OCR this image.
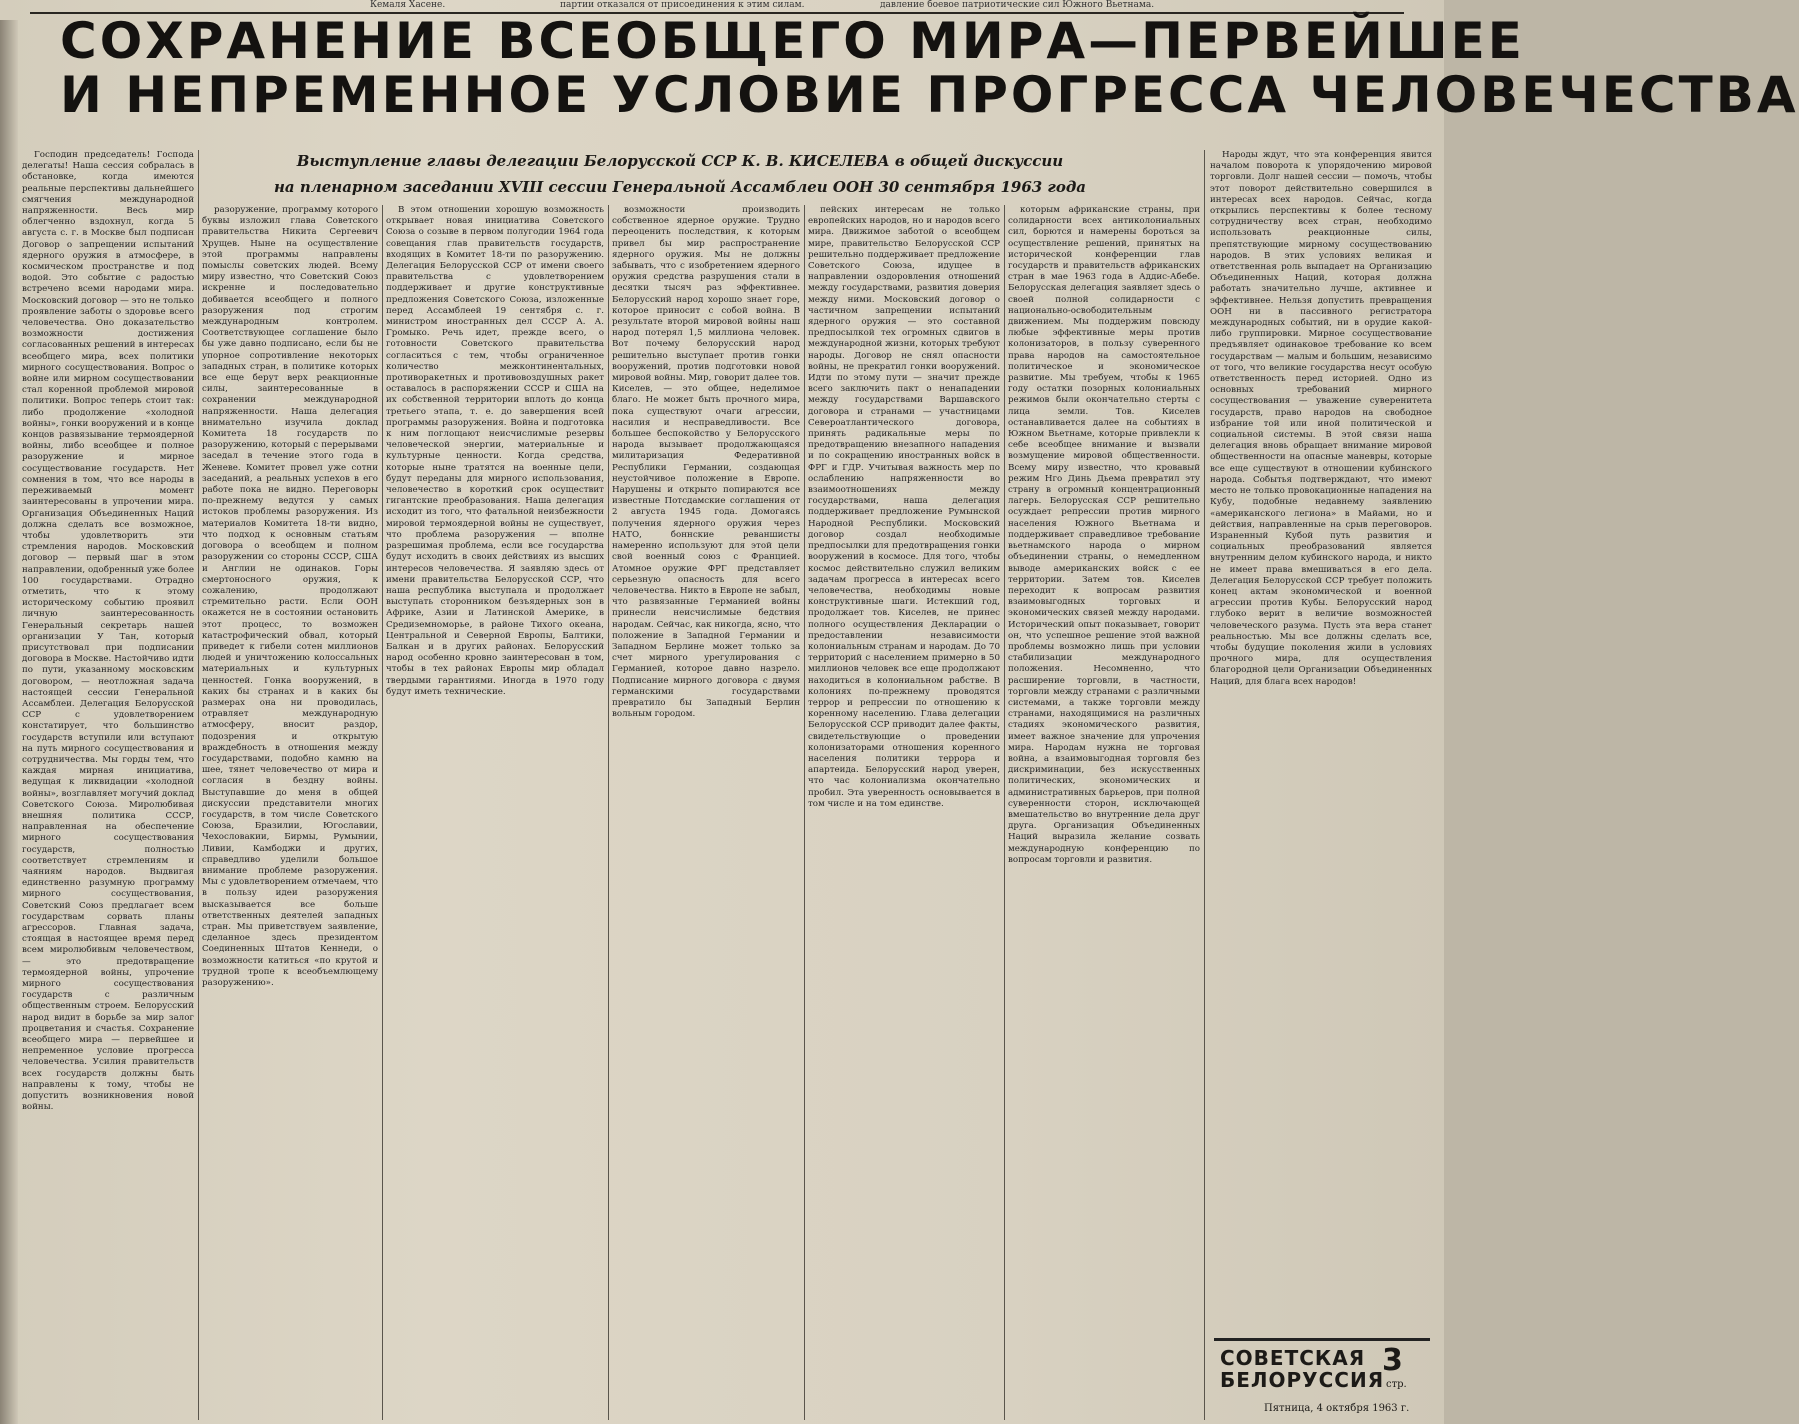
Кемаля Хасене.	партии отказался от присоединения к этим силам.	давление боевое патриотические сил Южного Вьетнама.
СОХРАНЕНИЕ ВСЕОБЩЕГО МИРА—ПЕРВЕЙШЕЕ
И НЕПРЕМЕННОЕ УСЛОВИЕ ПРОГРЕССА ЧЕЛОВЕЧЕСТВА
Выступление главы делегации Белорусской ССР К. В. КИСЕЛЕВА в общей дискуссии
на пленарном заседании XVIII сессии Генеральной Ассамблеи ООН 30 сентября 1963 года

Господин председатель! Господа делегаты! Наша сессия собралась в обстановке, когда имеются реальные перспективы дальнейшего смягчения международной напряженности. Весь мир облегченно вздохнул, когда 5 августа с. г. в Москве был подписан Договор о запрещении испытаний ядерного оружия в атмосфере, в космическом пространстве и под водой. Это событие с радостью встречено всеми народами мира. Московский договор — это не только проявление заботы о здоровье всего человечества. Оно доказательство возможности достижения согласованных решений в интересах всеобщего мира, всех политики мирного сосуществования. Вопрос о войне или мирном сосуществовании стал коренной проблемой мировой политики. Вопрос теперь стоит так: либо продолжение «холодной войны», гонки вооружений и в конце концов развязывание термоядерной войны, либо всеобщее и полное разоружение и мирное сосуществование государств. Нет сомнения в том, что все народы в переживаемый момент заинтересованы в упрочении мира. Организация Объединенных Наций должна сделать все возможное, чтобы удовлетворить эти стремления народов. Московский договор — первый шаг в этом направлении, одобренный уже более 100 государствами. Отрадно отметить, что к этому историческому событию проявил личную заинтересованность Генеральный секретарь нашей организации У Тан, который присутствовал при подписании договора в Москве. Настойчиво идти по пути, указанному московским договором, — неотложная задача настоящей сессии Генеральной Ассамблеи. Делегация Белорусской ССР с удовлетворением констатирует, что большинство государств вступили или вступают на путь мирного сосуществования и сотрудничества. Мы горды тем, что каждая мирная инициатива, ведущая к ликвидации «холодной войны», возглавляет могучий доклад Советского Союза. Миролюбивая внешняя политика СССР, направленная на обеспечение мирного сосуществования государств, полностью соответствует стремлениям и чаяниям народов. Выдвигая единственно разумную программу мирного сосуществования, Советский Союз предлагает всем государствам сорвать планы агрессоров. Главная задача, стоящая в настоящее время перед всем миролюбивым человечеством, — это предотвращение термоядерной войны, упрочение мирного сосуществования государств с различным общественным строем. Белорусский народ видит в борьбе за мир залог процветания и счастья. Сохранение всеобщего мира — первейшее и непременное условие прогресса человечества. Усилия правительств всех государств должны быть направлены к тому, чтобы не допустить возникновения новой войны.

разоружение, программу которого буквы изложил глава Советского правительства Никита Сергеевич Хрущев. Ныне на осуществление этой программы направлены помыслы советских людей. Всему миру известно, что Советский Союз искренне и последовательно добивается всеобщего и полного разоружения под строгим международным контролем. Соответствующее соглашение было бы уже давно подписано, если бы не упорное сопротивление некоторых западных стран, в политике которых все еще берут верх реакционные силы, заинтересованные в сохранении международной напряженности. Наша делегация внимательно изучила доклад Комитета 18 государств по разоружению, который с перерывами заседал в течение этого года в Женеве. Комитет провел уже сотни заседаний, а реальных успехов в его работе пока не видно. Переговоры по-прежнему ведутся у самых истоков проблемы разоружения. Из материалов Комитета 18-ти видно, что подход к основным статьям договора о всеобщем и полном разоружении со стороны СССР, США и Англии не одинаков. Горы смертоносного оружия, к сожалению, продолжают стремительно расти. Если ООН окажется не в состоянии остановить этот процесс, то возможен катастрофический обвал, который приведет к гибели сотен миллионов людей и уничтожению колоссальных материальных и культурных ценностей. Гонка вооружений, в каких бы странах и в каких бы размерах она ни проводилась, отравляет международную атмосферу, вносит раздор, подозрения и открытую враждебность в отношения между государствами, подобно камню на шее, тянет человечество от мира и согласия в бездну войны. Выступавшие до меня в общей дискуссии представители многих государств, в том числе Советского Союза, Бразилии, Югославии, Чехословакии, Бирмы, Румынии, Ливии, Камбоджи и других, справедливо уделили большое внимание проблеме разоружения. Мы с удовлетворением отмечаем, что в пользу идеи разоружения высказывается все больше ответственных деятелей западных стран. Мы приветствуем заявление, сделанное здесь президентом Соединенных Штатов Кеннеди, о возможности катиться «по крутой и трудной тропе к всеобъемлющему разоружению».

В этом отношении хорошую возможность открывает новая инициатива Советского Союза о созыве в первом полугодии 1964 года совещания глав правительств государств, входящих в Комитет 18-ти по разоружению. Делегация Белорусской ССР от имени своего правительства с удовлетворением поддерживает и другие конструктивные предложения Советского Союза, изложенные перед Ассамблеей 19 сентября с. г. министром иностранных дел СССР А. А. Громыко. Речь идет, прежде всего, о готовности Советского правительства согласиться с тем, чтобы ограниченное количество межконтинентальных, противоракетных и противовоздушных ракет оставалось в распоряжении СССР и США на их собственной территории вплоть до конца третьего этапа, т. е. до завершения всей программы разоружения. Война и подготовка к ним поглощают неисчислимые резервы человеческой энергии, материальные и культурные ценности. Когда средства, которые ныне тратятся на военные цели, будут переданы для мирного использования, человечество в короткий срок осуществит гигантские преобразования. Наша делегация исходит из того, что фатальной неизбежности мировой термоядерной войны не существует, что проблема разоружения — вполне разрешимая проблема, если все государства будут исходить в своих действиях из высших интересов человечества. Я заявляю здесь от имени правительства Белорусской ССР, что наша республика выступала и продолжает выступать сторонником безъядерных зон в Африке, Азии и Латинской Америке, в Средиземноморье, в районе Тихого океана, Центральной и Северной Европы, Балтики, Балкан и в других районах. Белорусский народ особенно кровно заинтересован в том, чтобы в тех районах Европы мир обладал твердыми гарантиями. Иногда в 1970 году будут иметь технические.

возможности производить собственное ядерное оружие. Трудно переоценить последствия, к которым привел бы мир распространение ядерного оружия. Мы не должны забывать, что с изобретением ядерного оружия средства разрушения стали в десятки тысяч раз эффективнее. Белорусский народ хорошо знает горе, которое приносит с собой война. В результате второй мировой войны наш народ потерял 1,5 миллиона человек. Вот почему белорусский народ решительно выступает против гонки вооружений, против подготовки новой мировой войны. Мир, говорит далее тов. Киселев, — это общее, неделимое благо. Не может быть прочного мира, пока существуют очаги агрессии, насилия и несправедливости. Все большее беспокойство у Белорусского народа вызывает продолжающаяся милитаризация Федеративной Республики Германии, создающая неустойчивое положение в Европе. Нарушены и открыто попираются все известные Потсдамские соглашения от 2 августа 1945 года. Домогаясь получения ядерного оружия через НАТО, боннские реваншисты намеренно используют для этой цели свой военный союз с Францией. Атомное оружие ФРГ представляет серьезную опасность для всего человечества. Никто в Европе не забыл, что развязанные Германией войны принесли неисчислимые бедствия народам. Сейчас, как никогда, ясно, что положение в Западной Германии и Западном Берлине может только за счет мирного урегулирования с Германией, которое давно назрело. Подписание мирного договора с двумя германскими государствами превратило бы Западный Берлин вольным городом.

пейских интересам не только европейских народов, но и народов всего мира. Движимое заботой о всеобщем мире, правительство Белорусской ССР решительно поддерживает предложение Советского Союза, идущее в направлении оздоровления отношений между государствами, развития доверия между ними. Московский договор о частичном запрещении испытаний ядерного оружия — это составной предпосылкой тех огромных сдвигов в международной жизни, которых требуют народы. Договор не снял опасности войны, не прекратил гонки вооружений. Идти по этому пути — значит прежде всего заключить пакт о ненападении между государствами Варшавского договора и странами — участницами Североатлантического договора, принять радикальные меры по предотвращению внезапного нападения и по сокращению иностранных войск в ФРГ и ГДР. Учитывая важность мер по ослаблению напряженности во взаимоотношениях между государствами, наша делегация поддерживает предложение Румынской Народной Республики. Московский договор создал необходимые предпосылки для предотвращения гонки вооружений в космосе. Для того, чтобы космос действительно служил великим задачам прогресса в интересах всего человечества, необходимы новые конструктивные шаги. Истекший год, продолжает тов. Киселев, не принес полного осуществления Декларации о предоставлении независимости колониальным странам и народам. До 70 территорий с населением примерно в 50 миллионов человек все еще продолжают находиться в колониальном рабстве. В колониях по-прежнему проводятся террор и репрессии по отношению к коренному населению. Глава делегации Белорусской ССР приводит далее факты, свидетельствующие о проведении колонизаторами отношения коренного населения политики террора и апартеида. Белорусский народ уверен, что час колониализма окончательно пробил. Эта уверенность основывается в том числе и на том единстве.

которым африканские страны, при солидарности всех антиколониальных сил, борются и намерены бороться за осуществление решений, принятых на исторической конференции глав государств и правительств африканских стран в мае 1963 года в Аддис-Абебе. Белорусская делегация заявляет здесь о своей полной солидарности с национально-освободительным движением. Мы поддержим повсюду любые эффективные меры против колонизаторов, в пользу суверенного права народов на самостоятельное политическое и экономическое развитие. Мы требуем, чтобы к 1965 году остатки позорных колониальных режимов были окончательно стерты с лица земли. Тов. Киселев останавливается далее на событиях в Южном Вьетнаме, которые привлекли к себе всеобщее внимание и вызвали возмущение мировой общественности. Всему миру известно, что кровавый режим Нго Динь Дьема превратил эту страну в огромный концентрационный лагерь. Белорусская ССР решительно осуждает репрессии против мирного населения Южного Вьетнама и поддерживает справедливое требование вьетнамского народа о мирном объединении страны, о немедленном выводе американских войск с ее территории. Затем тов. Киселев переходит к вопросам развития взаимовыгодных торговых и экономических связей между народами. Исторический опыт показывает, говорит он, что успешное решение этой важной проблемы возможно лишь при условии стабилизации международного положения. Несомненно, что расширение торговли, в частности, торговли между странами с различными системами, а также торговли между странами, находящимися на различных стадиях экономического развития, имеет важное значение для упрочения мира. Народам нужна не торговая война, а взаимовыгодная торговля без дискриминации, без искусственных политических, экономических и административных барьеров, при полной суверенности сторон, исключающей вмешательство во внутренние дела друг друга. Организация Объединенных Наций выразила желание созвать международную конференцию по вопросам торговли и развития.

Народы ждут, что эта конференция явится началом поворота к упорядочению мировой торговли. Долг нашей сессии — помочь, чтобы этот поворот действительно совершился в интересах всех народов. Сейчас, когда открылись перспективы к более тесному сотрудничеству всех стран, необходимо использовать реакционные силы, препятствующие мирному сосуществованию народов. В этих условиях великая и ответственная роль выпадает на Организацию Объединенных Наций, которая должна работать значительно лучше, активнее и эффективнее. Нельзя допустить превращения ООН ни в пассивного регистратора международных событий, ни в орудие какой-либо группировки. Мирное сосуществование предъявляет одинаковое требование ко всем государствам — малым и большим, независимо от того, что великие государства несут особую ответственность перед историей. Одно из основных требований мирного сосуществования — уважение суверенитета государств, право народов на свободное избрание той или иной политической и социальной системы. В этой связи наша делегация вновь обращает внимание мировой общественности на опасные маневры, которые все еще существуют в отношении кубинского народа. Событья подтверждают, что имеют место не только провокационные нападения на Кубу, подобные недавнему заявлению «американского легиона» в Майами, но и действия, направленные на срыв переговоров. Израненный Кубой путь развития и социальных преобразований является внутренним делом кубинского народа, и никто не имеет права вмешиваться в его дела. Делегация Белорусской ССР требует положить конец актам экономической и военной агрессии против Кубы. Белорусский народ глубоко верит в величие возможностей человеческого разума. Пусть эта вера станет реальностью. Мы все должны сделать все, чтобы будущие поколения жили в условиях прочного мира, для осуществления благородной цели Организации Объединенных Наций, для блага всех народов!

СОВЕТСКАЯ
БЕЛОРУССИЯ
3
стр.
Пятница, 4 октября 1963 г.
